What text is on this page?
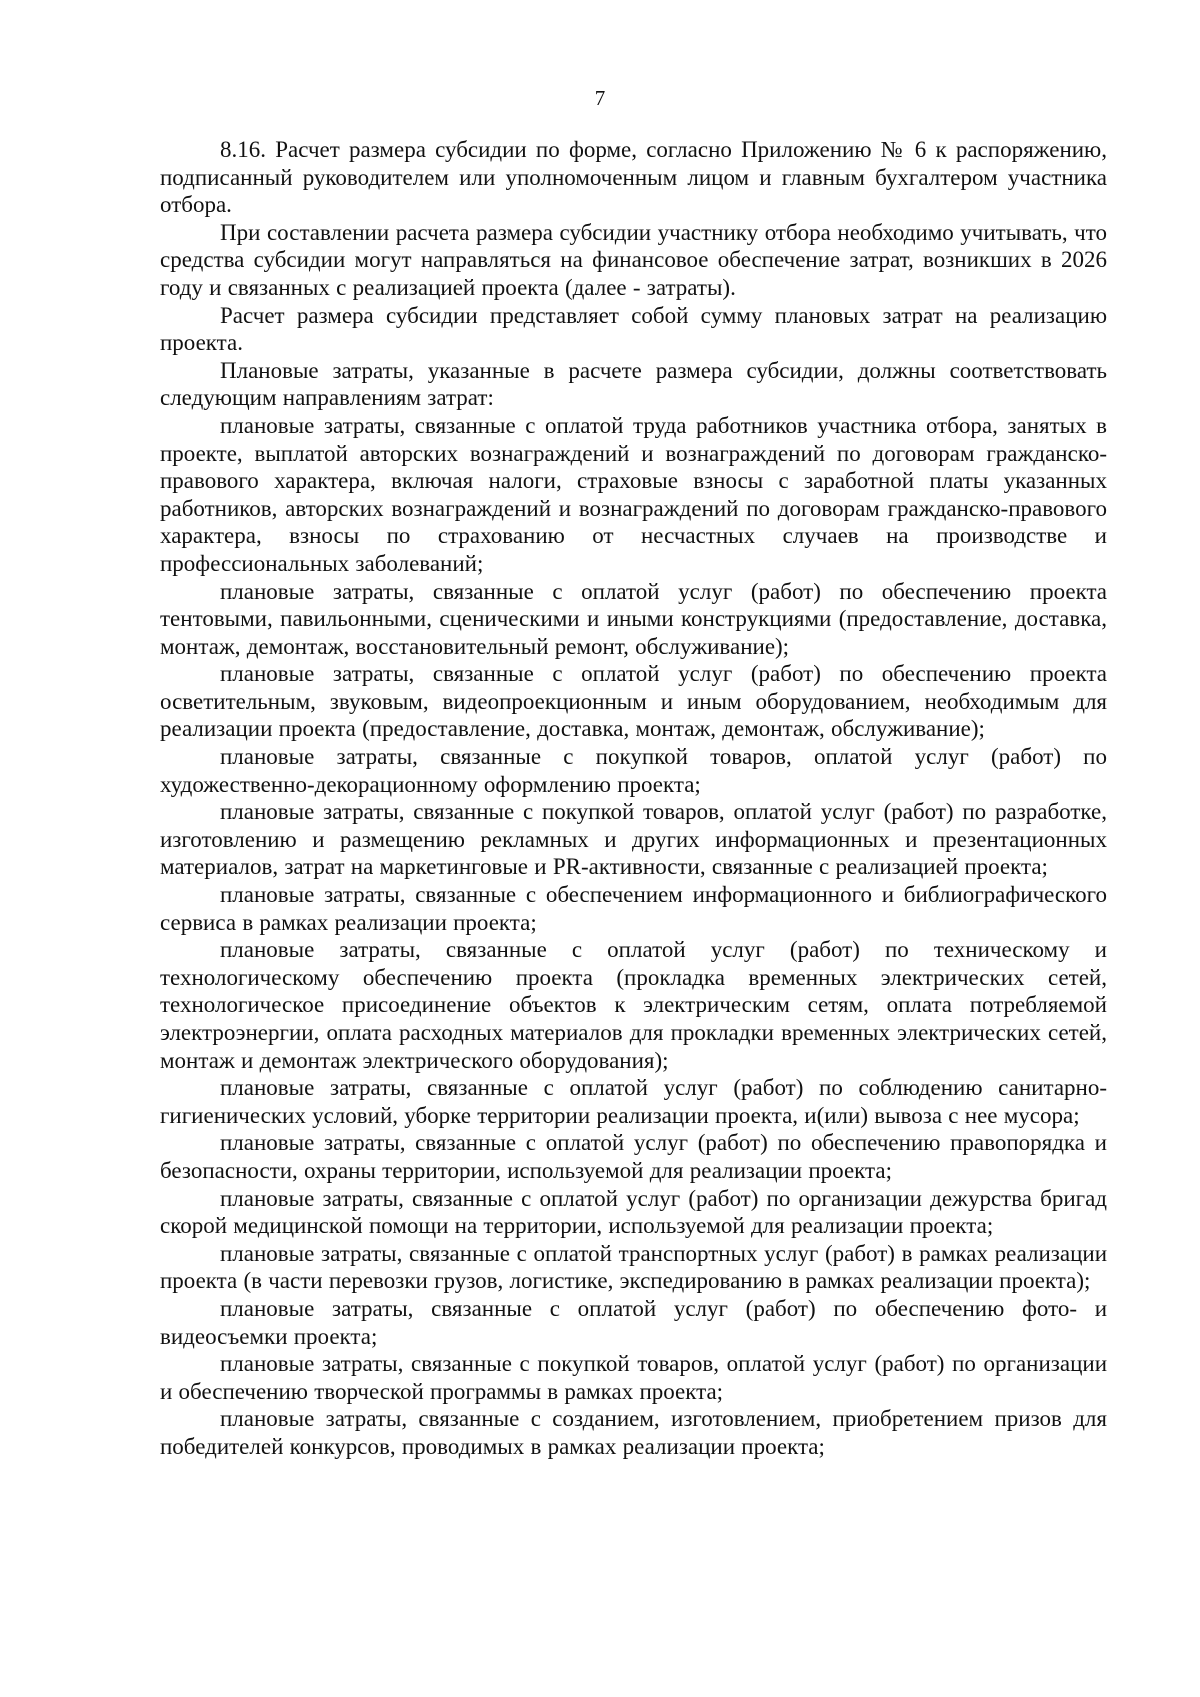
7

8.16. Расчет размера субсидии по форме, согласно Приложению № 6 к распоряжению, подписанный руководителем или уполномоченным лицом и главным бухгалтером участника отбора.

При составлении расчета размера субсидии участнику отбора необходимо учитывать, что средства субсидии могут направляться на финансовое обеспечение затрат, возникших в 2026 году и связанных с реализацией проекта (далее - затраты).

Расчет размера субсидии представляет собой сумму плановых затрат на реализацию проекта.

Плановые затраты, указанные в расчете размера субсидии, должны соответствовать следующим направлениям затрат:

плановые затраты, связанные с оплатой труда работников участника отбора, занятых в проекте, выплатой авторских вознаграждений и вознаграждений по договорам гражданско-правового характера, включая налоги, страховые взносы с заработной платы указанных работников, авторских вознаграждений и вознаграждений по договорам гражданско-правового характера, взносы по страхованию от несчастных случаев на производстве и профессиональных заболеваний;

плановые затраты, связанные с оплатой услуг (работ) по обеспечению проекта тентовыми, павильонными, сценическими и иными конструкциями (предоставление, доставка, монтаж, демонтаж, восстановительный ремонт, обслуживание);

плановые затраты, связанные с оплатой услуг (работ) по обеспечению проекта осветительным, звуковым, видеопроекционным и иным оборудованием, необходимым для реализации проекта (предоставление, доставка, монтаж, демонтаж, обслуживание);

плановые затраты, связанные с покупкой товаров, оплатой услуг (работ) по художественно-декорационному оформлению проекта;

плановые затраты, связанные с покупкой товаров, оплатой услуг (работ) по разработке, изготовлению и размещению рекламных и других информационных и презентационных материалов, затрат на маркетинговые и PR-активности, связанные с реализацией проекта;

плановые затраты, связанные с обеспечением информационного и библиографического сервиса в рамках реализации проекта;

плановые затраты, связанные с оплатой услуг (работ) по техническому и технологическому обеспечению проекта (прокладка временных электрических сетей, технологическое присоединение объектов к электрическим сетям, оплата потребляемой электроэнергии, оплата расходных материалов для прокладки временных электрических сетей, монтаж и демонтаж электрического оборудования);

плановые затраты, связанные с оплатой услуг (работ) по соблюдению санитарно-гигиенических условий, уборке территории реализации проекта, и(или) вывоза с нее мусора;

плановые затраты, связанные с оплатой услуг (работ) по обеспечению правопорядка и безопасности, охраны территории, используемой для реализации проекта;

плановые затраты, связанные с оплатой услуг (работ) по организации дежурства бригад скорой медицинской помощи на территории, используемой для реализации проекта;

плановые затраты, связанные с оплатой транспортных услуг (работ) в рамках реализации проекта (в части перевозки грузов, логистике, экспедированию в рамках реализации проекта);

плановые затраты, связанные с оплатой услуг (работ) по обеспечению фото- и видеосъемки проекта;

плановые затраты, связанные с покупкой товаров, оплатой услуг (работ) по организации и обеспечению творческой программы в рамках проекта;

плановые затраты, связанные с созданием, изготовлением, приобретением призов для победителей конкурсов, проводимых в рамках реализации проекта;
